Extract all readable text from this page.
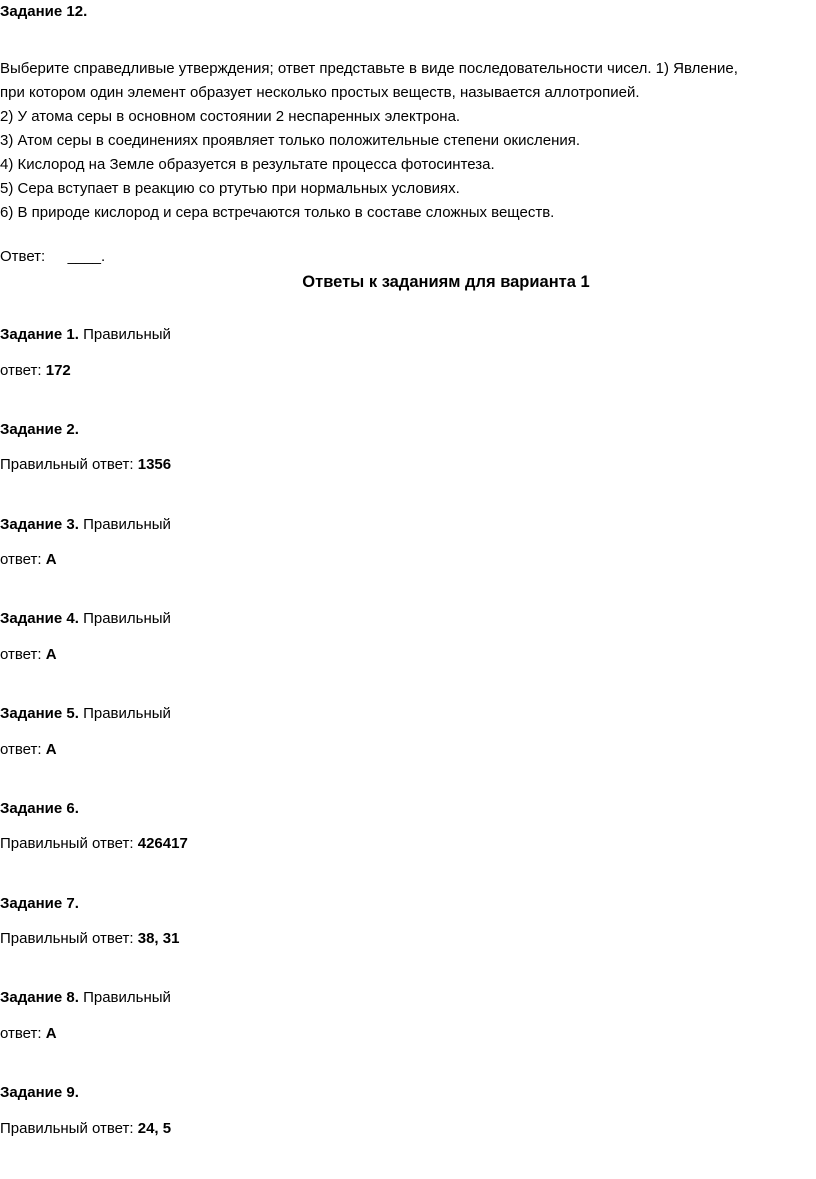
Задание 12.
Выберите справедливые утверждения; ответ представьте в виде последовательности чисел. 1) Явление,
при котором один элемент образует несколько простых веществ, называется аллотропией.
2) У атома серы в основном состоянии 2 неспаренных электрона.
3) Атом серы в соединениях проявляет только положительные степени окисления.
4) Кислород на Земле образуется в результате процесса фотосинтеза.
5) Сера вступает в реакцию со ртутью при нормальных условиях.
6) В природе кислород и сера встречаются только в составе сложных веществ.
Ответ: ____.
Ответы к заданиям для варианта 1
Задание 1. Правильный
ответ: 172
Задание 2.
Правильный ответ: 1356
Задание 3. Правильный
ответ: А
Задание 4. Правильный
ответ: А
Задание 5. Правильный
ответ: А
Задание 6.
Правильный ответ: 426417
Задание 7.
Правильный ответ: 38, 31
Задание 8. Правильный
ответ: А
Задание 9.
Правильный ответ: 24, 5
